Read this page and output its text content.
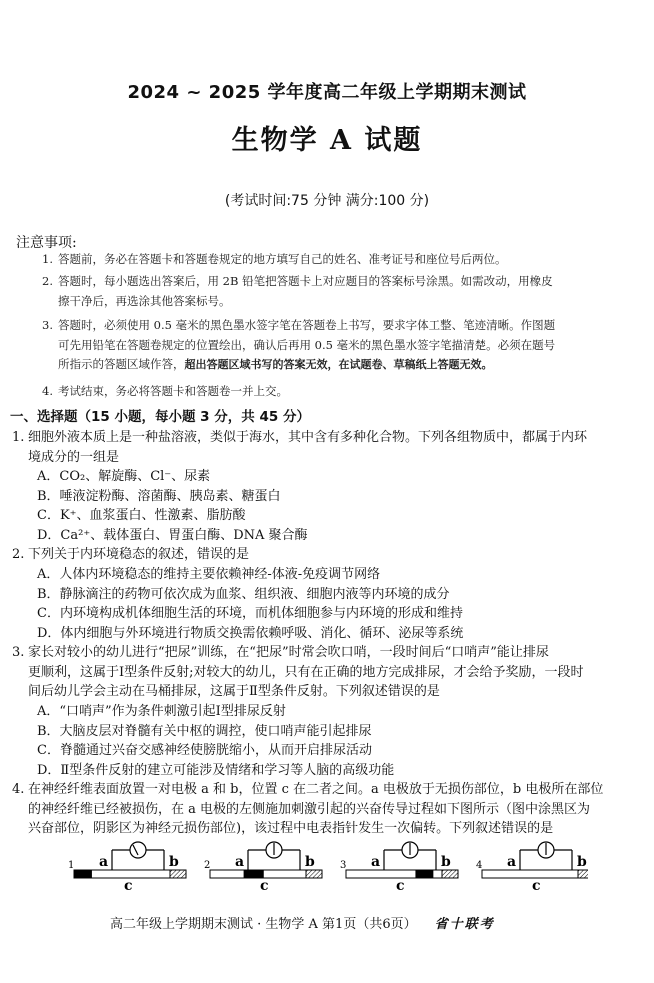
2024 ~ 2025 学年度高二年级上学期期末测试
生物学 A 试题
(考试时间:75 分钟 满分:100 分)
注意事项:
1. 答题前，务必在答题卡和答题卷规定的地方填写自己的姓名、准考证号和座位号后两位。
2. 答题时，每小题选出答案后，用 2B 铅笔把答题卡上对应题目的答案标号涂黑。如需改动，用橡皮
擦干净后，再选涂其他答案标号。
3. 答题时，必须使用 0.5 毫米的黑色墨水签字笔在答题卷上书写，要求字体工整、笔迹清晰。作图题
可先用铅笔在答题卷规定的位置绘出，确认后再用 0.5 毫米的黑色墨水签字笔描清楚。必须在题号
所指示的答题区域作答，超出答题区域书写的答案无效，在试题卷、草稿纸上答题无效。
4. 考试结束，务必将答题卡和答题卷一并上交。
一、选择题（15 小题，每小题 3 分，共 45 分）
1. 细胞外液本质上是一种盐溶液，类似于海水，其中含有多种化合物。下列各组物质中，都属于内环
境成分的一组是
A．CO₂、解旋酶、Cl⁻、尿素
B．唾液淀粉酶、溶菌酶、胰岛素、糖蛋白
C．K⁺、血浆蛋白、性激素、脂肪酸
D．Ca²⁺、载体蛋白、胃蛋白酶、DNA 聚合酶
2. 下列关于内环境稳态的叙述，错误的是
A．人体内环境稳态的维持主要依赖神经-体液-免疫调节网络
B．静脉滴注的药物可依次成为血浆、组织液、细胞内液等内环境的成分
C．内环境构成机体细胞生活的环境，而机体细胞参与内环境的形成和维持
D．体内细胞与外环境进行物质交换需依赖呼吸、消化、循环、泌尿等系统
3. 家长对较小的幼儿进行“把尿”训练，在“把尿”时常会吹口哨，一段时间后“口哨声”能让排尿
更顺利，这属于Ⅰ型条件反射;对较大的幼儿，只有在正确的地方完成排尿，才会给予奖励，一段时
间后幼儿学会主动在马桶排尿，这属于Ⅱ型条件反射。下列叙述错误的是
A．“口哨声”作为条件刺激引起Ⅰ型排尿反射
B．大脑皮层对脊髓有关中枢的调控，使口哨声能引起排尿
C．脊髓通过兴奋交感神经使膀胱缩小，从而开启排尿活动
D．Ⅱ型条件反射的建立可能涉及情绪和学习等人脑的高级功能
4. 在神经纤维表面放置一对电极 a 和 b，位置 c 在二者之间。a 电极放于无损伤部位，b 电极所在部位
的神经纤维已经被损伤，在 a 电极的左侧施加刺激引起的兴奋传导过程如下图所示（图中涂黑区为
兴奋部位，阴影区为神经元损伤部位)，该过程中电表指针发生一次偏转。下列叙述错误的是
1 a	b
c
2 a	b
c
3 a	b
c
4 a	b
c
高二年级上学期期末测试 · 生物学 A 第1页（共6页） 省十联考
